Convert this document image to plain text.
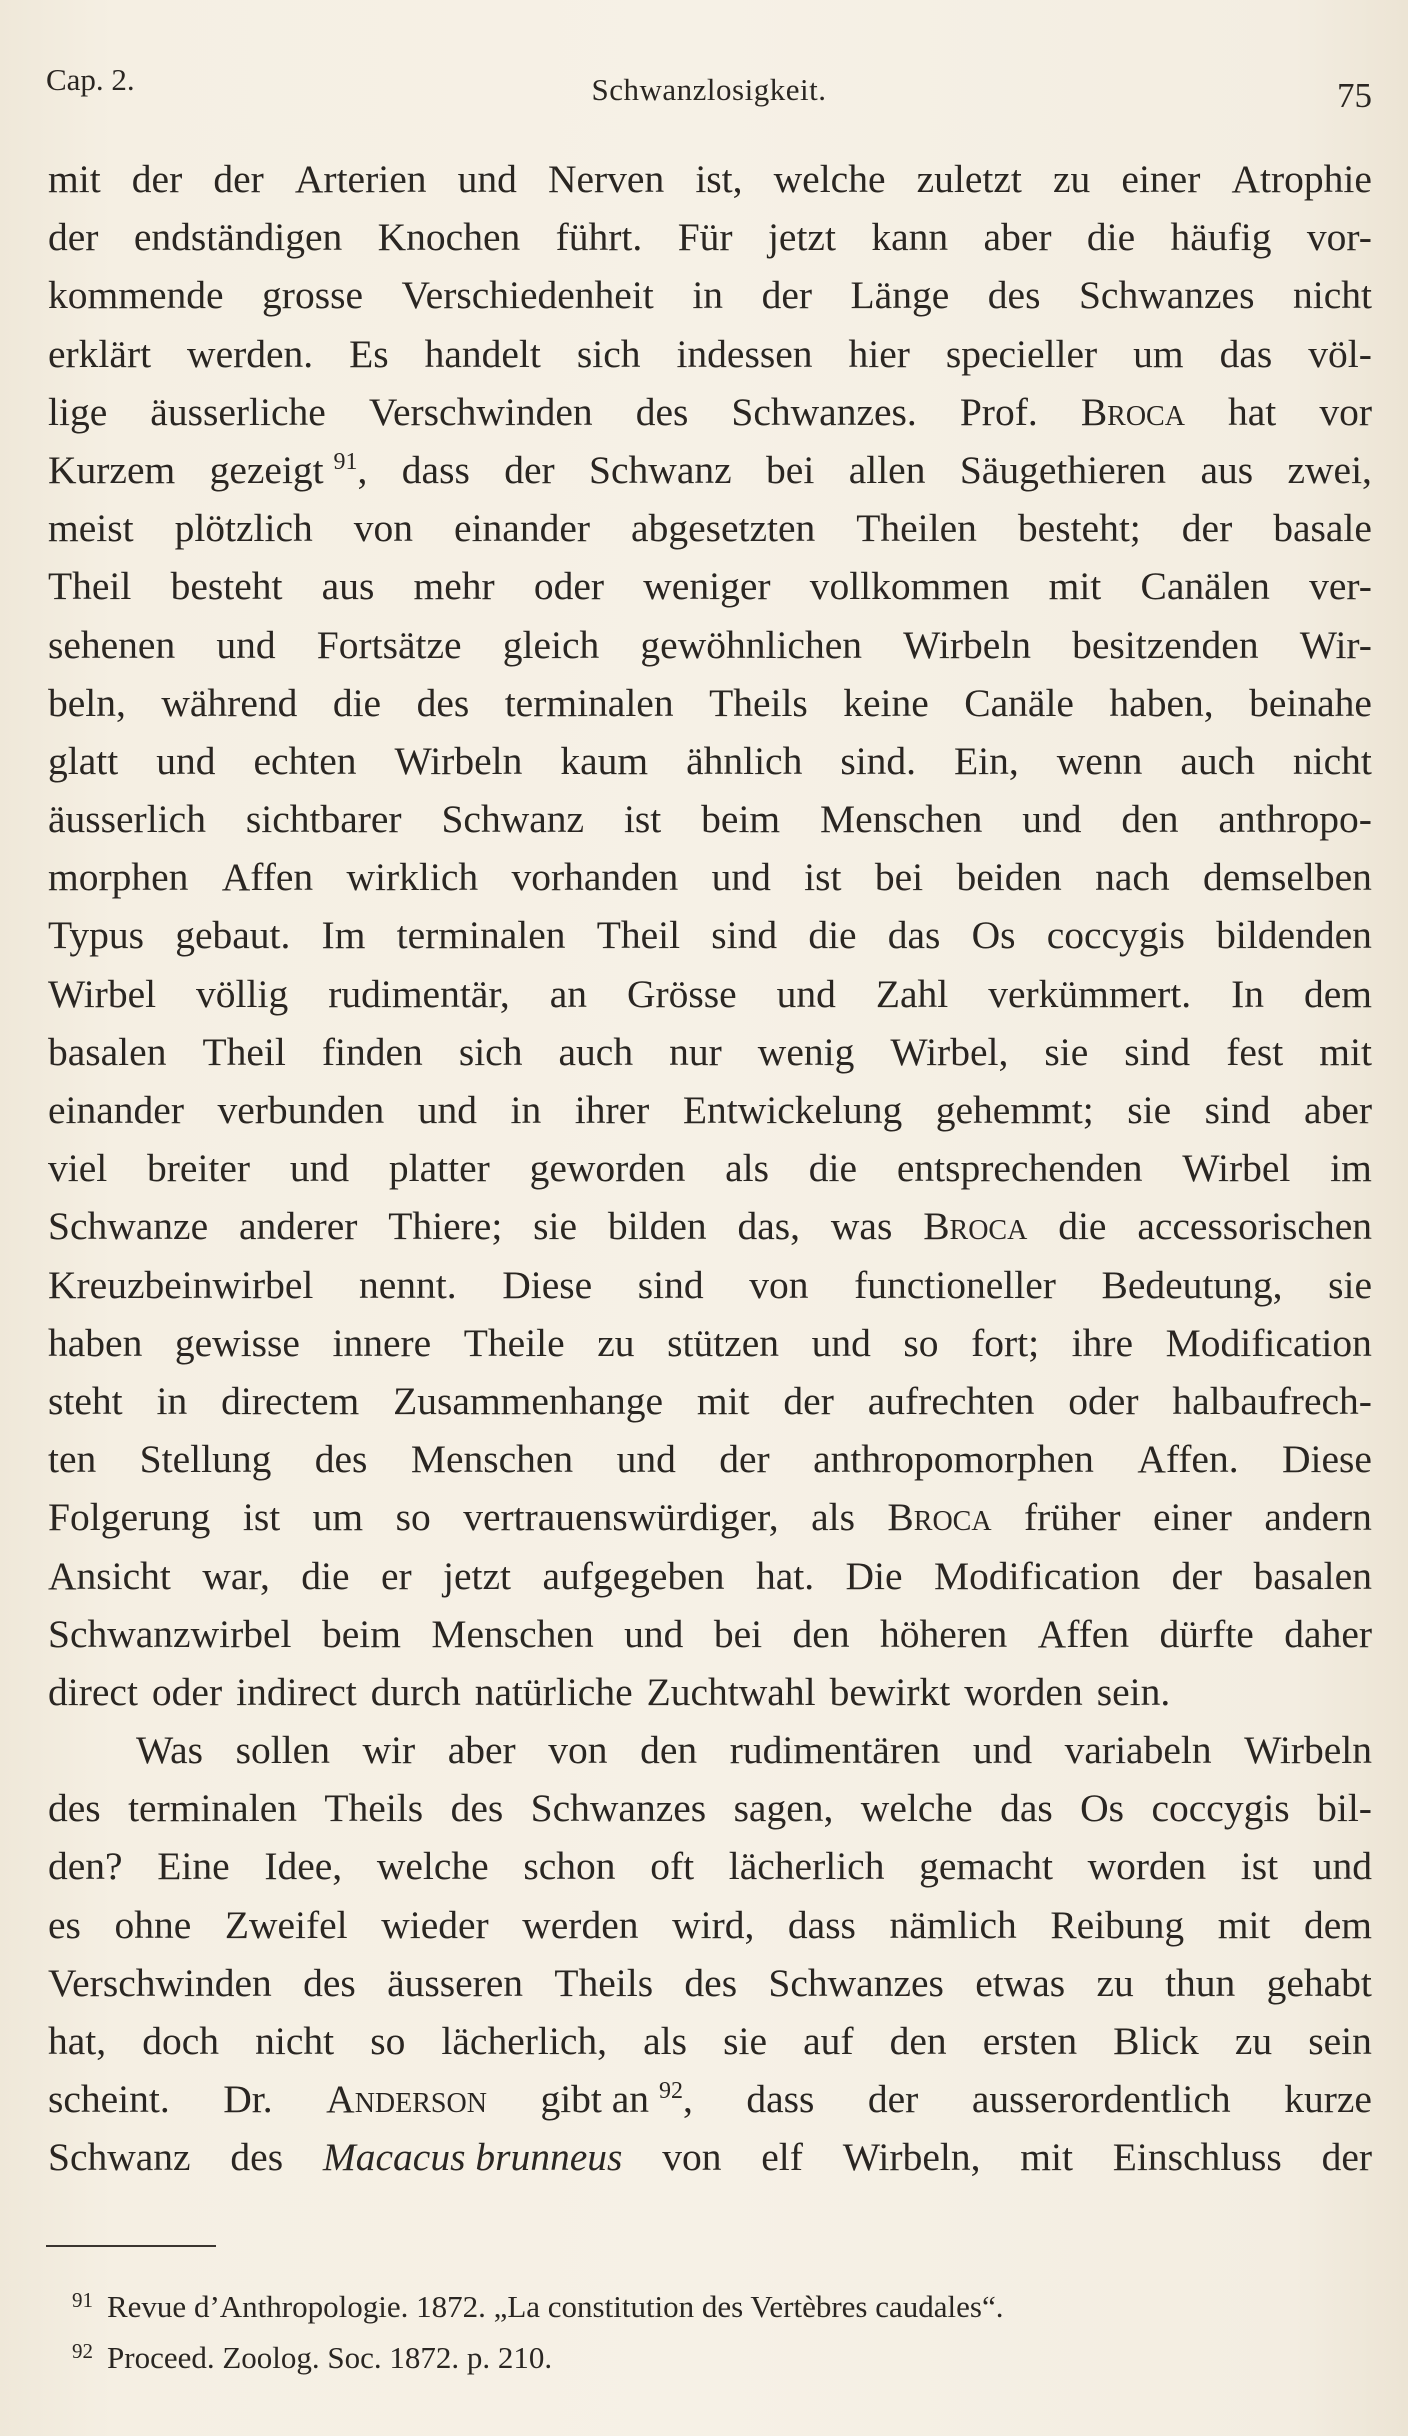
Cap. 2.	Schwanzlosigkeit.	75
mit der der Arterien und Nerven ist, welche zuletzt zu einer Atrophie
der endständigen Knochen führt. Für jetzt kann aber die häufig vor-
kommende grosse Verschiedenheit in der Länge des Schwanzes nicht
erklärt werden. Es handelt sich indessen hier specieller um das völ-
lige äusserliche Verschwinden des Schwanzes. Prof. Broca hat vor
Kurzem gezeigt $^{91}$, dass der Schwanz bei allen Säugethieren aus zwei,
meist plötzlich von einander abgesetzten Theilen besteht; der basale
Theil besteht aus mehr oder weniger vollkommen mit Canälen ver-
sehenen und Fortsätze gleich gewöhnlichen Wirbeln besitzenden Wir-
beln, während die des terminalen Theils keine Canäle haben, beinahe
glatt und echten Wirbeln kaum ähnlich sind. Ein, wenn auch nicht
äusserlich sichtbarer Schwanz ist beim Menschen und den anthropo-
morphen Affen wirklich vorhanden und ist bei beiden nach demselben
Typus gebaut. Im terminalen Theil sind die das Os coccygis bildenden
Wirbel völlig rudimentär, an Grösse und Zahl verkümmert. In dem
basalen Theil finden sich auch nur wenig Wirbel, sie sind fest mit
einander verbunden und in ihrer Entwickelung gehemmt; sie sind aber
viel breiter und platter geworden als die entsprechenden Wirbel im
Schwanze anderer Thiere; sie bilden das, was Broca die accessorischen
Kreuzbeinwirbel nennt. Diese sind von functioneller Bedeutung, sie
haben gewisse innere Theile zu stützen und so fort; ihre Modification
steht in directem Zusammenhange mit der aufrechten oder halbaufrech-
ten Stellung des Menschen und der anthropomorphen Affen. Diese
Folgerung ist um so vertrauenswürdiger, als Broca früher einer andern
Ansicht war, die er jetzt aufgegeben hat. Die Modification der basalen
Schwanzwirbel beim Menschen und bei den höheren Affen dürfte daher
direct oder indirect durch natürliche Zuchtwahl bewirkt worden sein.
Was sollen wir aber von den rudimentären und variabeln Wirbeln
des terminalen Theils des Schwanzes sagen, welche das Os coccygis bil-
den? Eine Idee, welche schon oft lächerlich gemacht worden ist und
es ohne Zweifel wieder werden wird, dass nämlich Reibung mit dem
Verschwinden des äusseren Theils des Schwanzes etwas zu thun gehabt
hat, doch nicht so lächerlich, als sie auf den ersten Blick zu sein
scheint. Dr. Anderson gibt an $^{92}$, dass der ausserordentlich kurze
Schwanz des Macacus brunneus von elf Wirbeln, mit Einschluss der
$^{91}$ Revue d’Anthropologie. 1872. „La constitution des Vertèbres caudales“.
$^{92}$ Proceed. Zoolog. Soc. 1872. p. 210.
